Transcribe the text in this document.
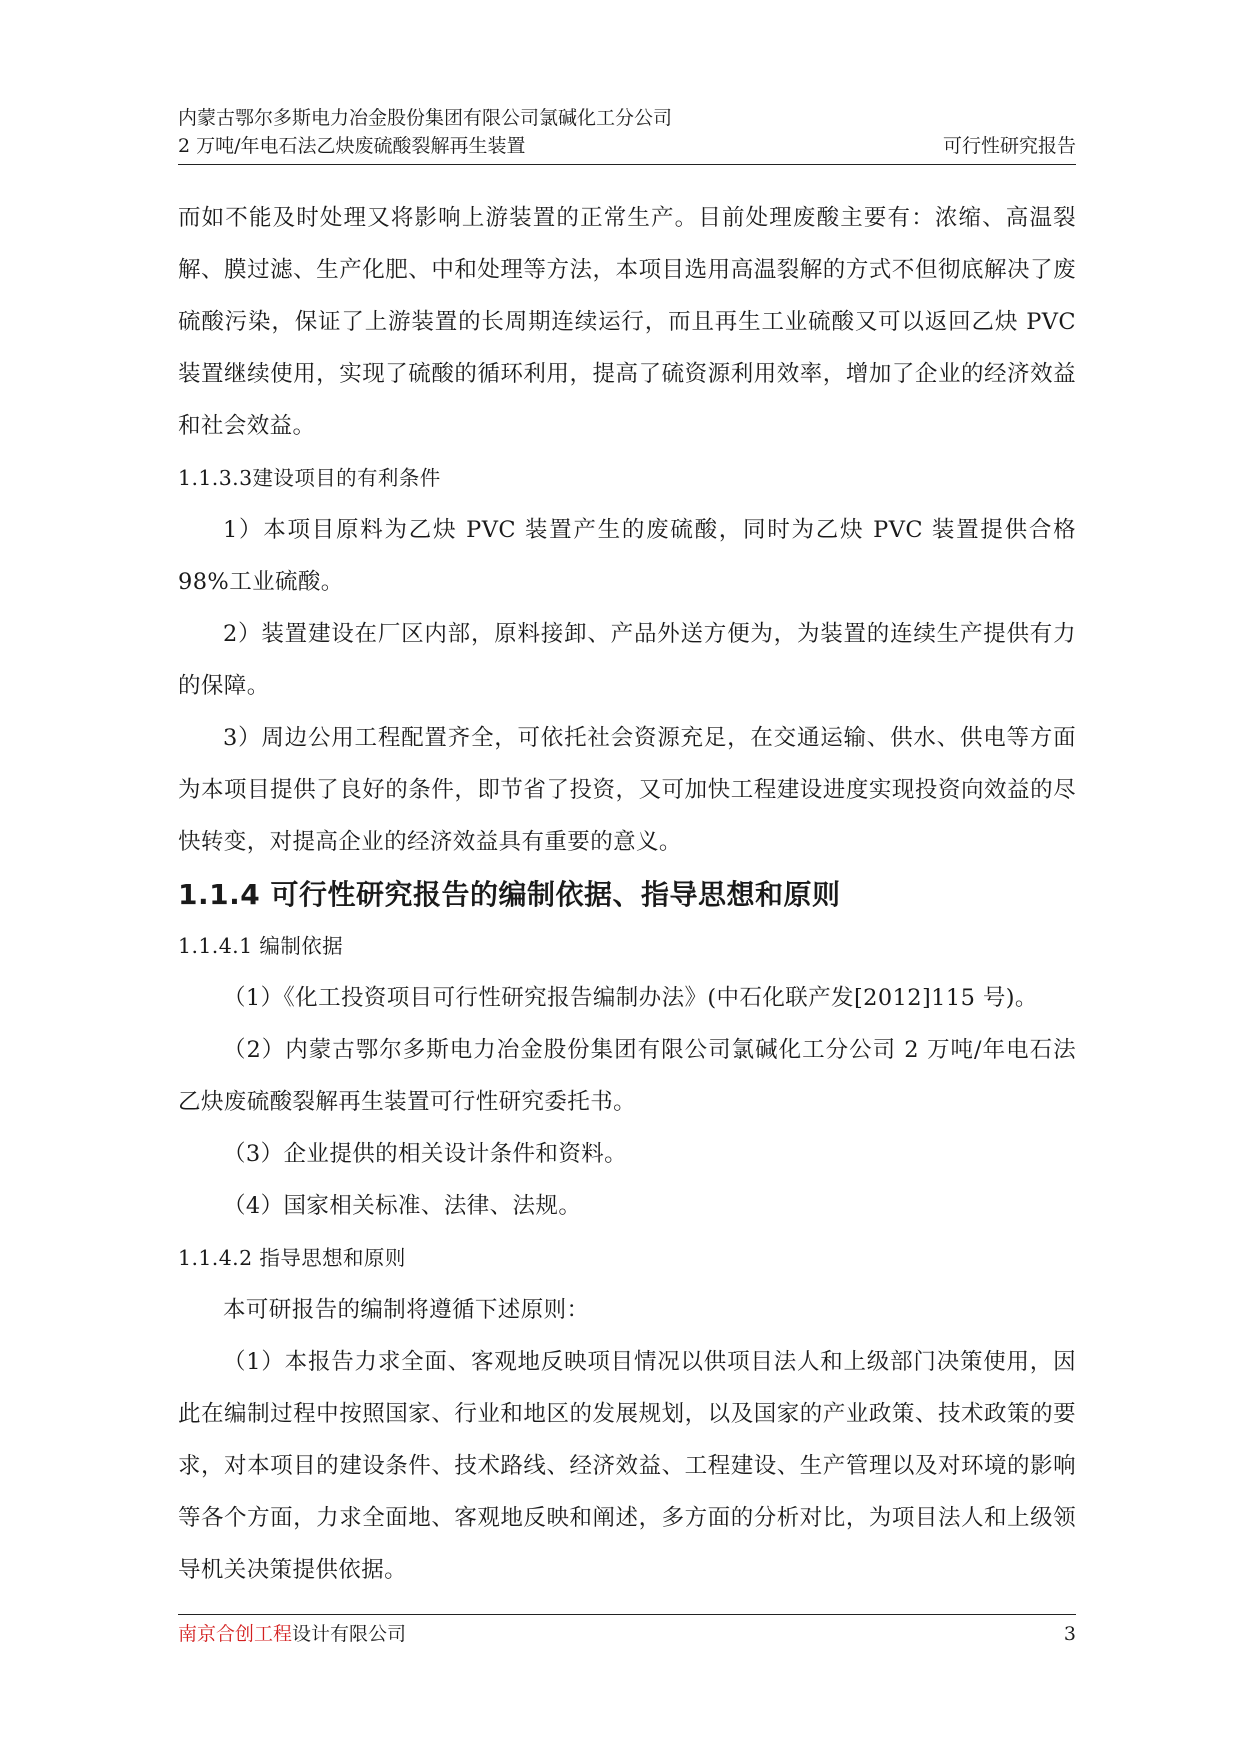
内蒙古鄂尔多斯电力冶金股份集团有限公司氯碱化工分公司
2 万吨/年电石法乙炔废硫酸裂解再生装置	可行性研究报告

而如不能及时处理又将影响上游装置的正常生产。目前处理废酸主要有：浓缩、高温裂解、膜过滤、生产化肥、中和处理等方法，本项目选用高温裂解的方式不但彻底解决了废硫酸污染，保证了上游装置的长周期连续运行，而且再生工业硫酸又可以返回乙炔 PVC 装置继续使用，实现了硫酸的循环利用，提高了硫资源利用效率，增加了企业的经济效益和社会效益。

1.1.3.3建设项目的有利条件

1）本项目原料为乙炔 PVC 装置产生的废硫酸，同时为乙炔 PVC 装置提供合格98%工业硫酸。

2）装置建设在厂区内部，原料接卸、产品外送方便为，为装置的连续生产提供有力的保障。

3）周边公用工程配置齐全，可依托社会资源充足，在交通运输、供水、供电等方面为本项目提供了良好的条件，即节省了投资，又可加快工程建设进度实现投资向效益的尽快转变，对提高企业的经济效益具有重要的意义。

1.1.4 可行性研究报告的编制依据、指导思想和原则

1.1.4.1 编制依据

（1）《化工投资项目可行性研究报告编制办法》(中石化联产发[2012]115 号)。

（2）内蒙古鄂尔多斯电力冶金股份集团有限公司氯碱化工分公司 2 万吨/年电石法乙炔废硫酸裂解再生装置可行性研究委托书。

（3）企业提供的相关设计条件和资料。

（4）国家相关标准、法律、法规。

1.1.4.2 指导思想和原则

本可研报告的编制将遵循下述原则：

（1）本报告力求全面、客观地反映项目情况以供项目法人和上级部门决策使用，因此在编制过程中按照国家、行业和地区的发展规划，以及国家的产业政策、技术政策的要求，对本项目的建设条件、技术路线、经济效益、工程建设、生产管理以及对环境的影响等各个方面，力求全面地、客观地反映和阐述，多方面的分析对比，为项目法人和上级领导机关决策提供依据。

南京合创工程设计有限公司	3
